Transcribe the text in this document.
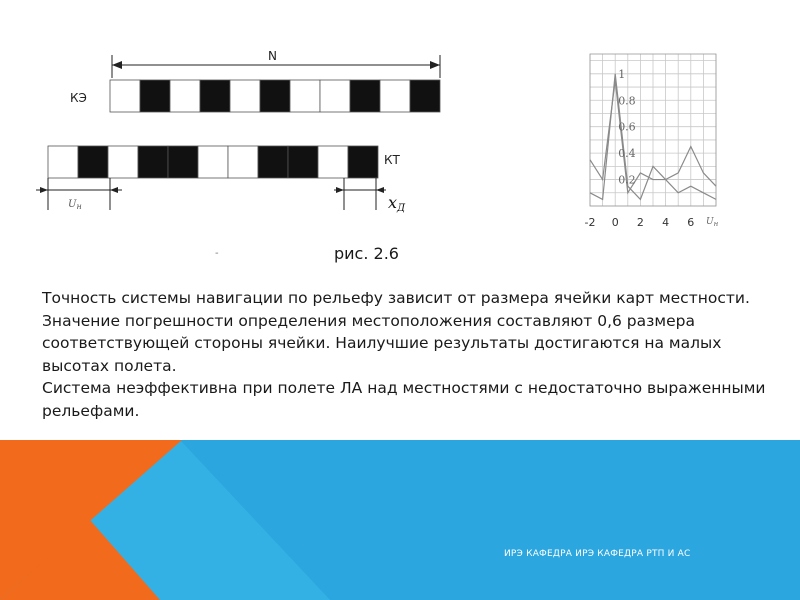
N
КЭ
КТ
$U_н$	xД
0.2
0.4
0.6
0.8
1
-2 0 2 4 6 $U_н$
-	рис. 2.6

Точность системы навигации по рельефу зависит от размера ячейки карт местности. Значение погрешности определения местоположения составляют 0,6 размера соответствующей стороны ячейки. Наилучшие результаты достигаются на малых высотах полета.

Система неэффективна при полете ЛА над местностями с недостаточно выраженными рельефами.

ИРЭ КАФЕДРА ИРЭ КАФЕДРА РТП И АС
